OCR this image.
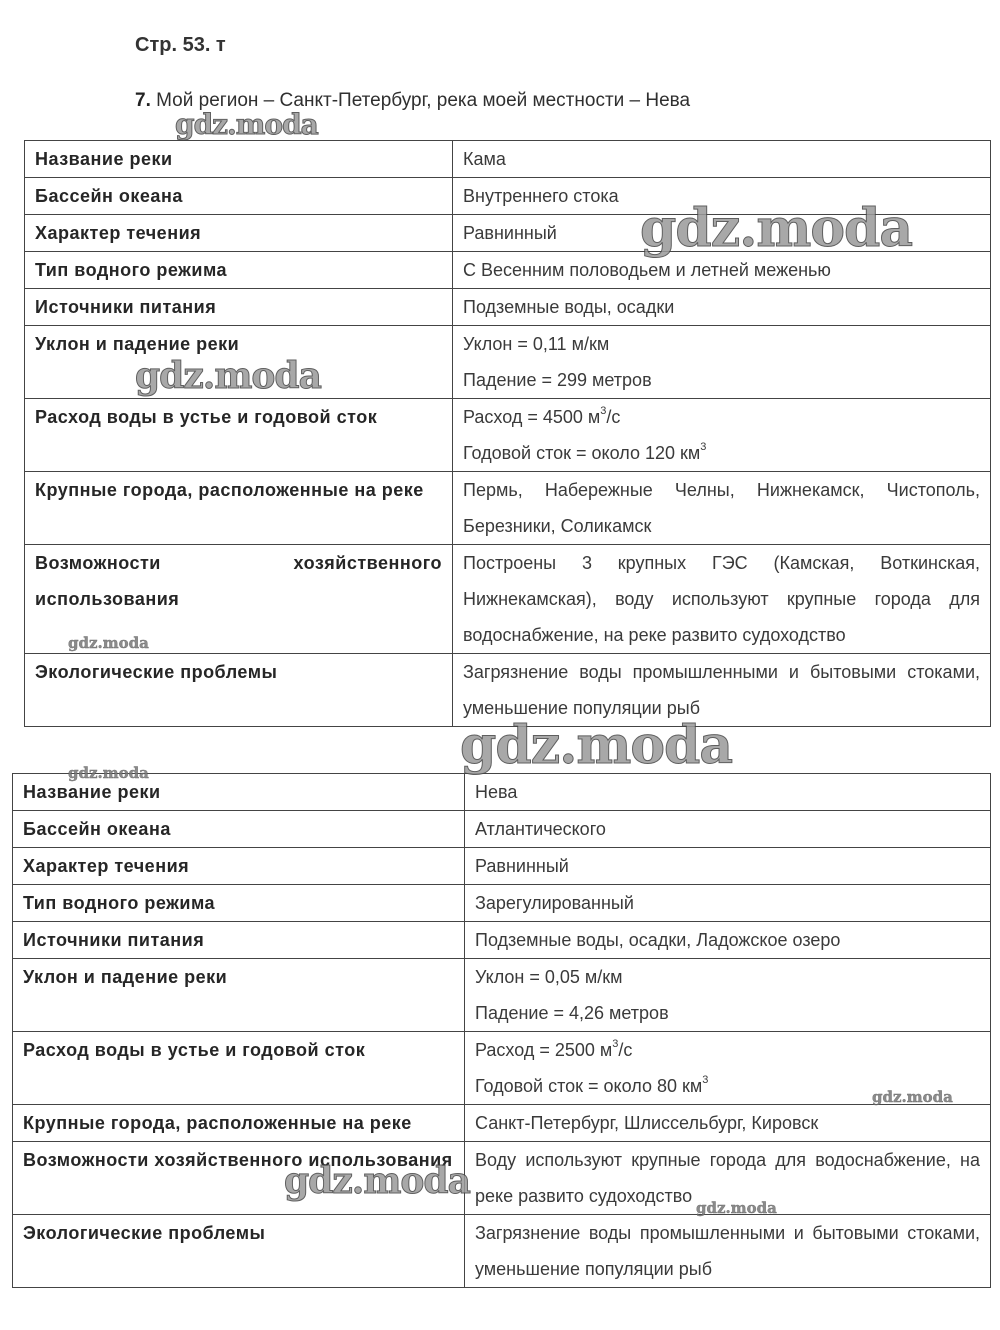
Стр. 53. т
7. Мой регион – Санкт-Петербург, река моей местности – Нева
Название реки	Кама
Бассейн океана	Внутреннего стока
Характер течения	Равнинный
Тип водного режима	С Весенним половодьем и летней меженью
Источники питания	Подземные воды, осадки
Уклон и падение реки	Уклон = 0,11 м/км
Падение = 299 метров

Расход воды в устье и годовой сток	Расход = 4500 $м^3/с$
Годовой сток = около 120 $км^3$

Крупные города, расположенные на реке	Пермь, Набережные Челны, Нижнекамск, Чистополь, Березники, Соликамск
Возможности хозяйственного использования	Построены 3 крупных ГЭС (Камская, Воткинская, Нижнекамская), воду используют крупные города для водоснабжение, на реке развито судоходство
Экологические проблемы	Загрязнение воды промышленными и бытовыми стоками, уменьшение популяции рыб
Название реки	Нева
Бассейн океана	Атлантического
Характер течения	Равнинный
Тип водного режима	Зарегулированный
Источники питания	Подземные воды, осадки, Ладожское озеро
Уклон и падение реки	Уклон = 0,05 м/км
Падение = 4,26 метров

Расход воды в устье и годовой сток	Расход = 2500 $м^3/с$
Годовой сток = около 80 $км^3$

Крупные города, расположенные на реке	Санкт-Петербург, Шлиссельбург, Кировск
Возможности хозяйственного использования	Воду используют крупные города для водоснабжение, на реке развито судоходство
Экологические проблемы	Загрязнение воды промышленными и бытовыми стоками, уменьшение популяции рыб
gdz.moda
gdz.moda
gdz.moda
gdz.moda
gdz.moda
gdz.moda
gdz.moda
gdz.moda
gdz.moda
